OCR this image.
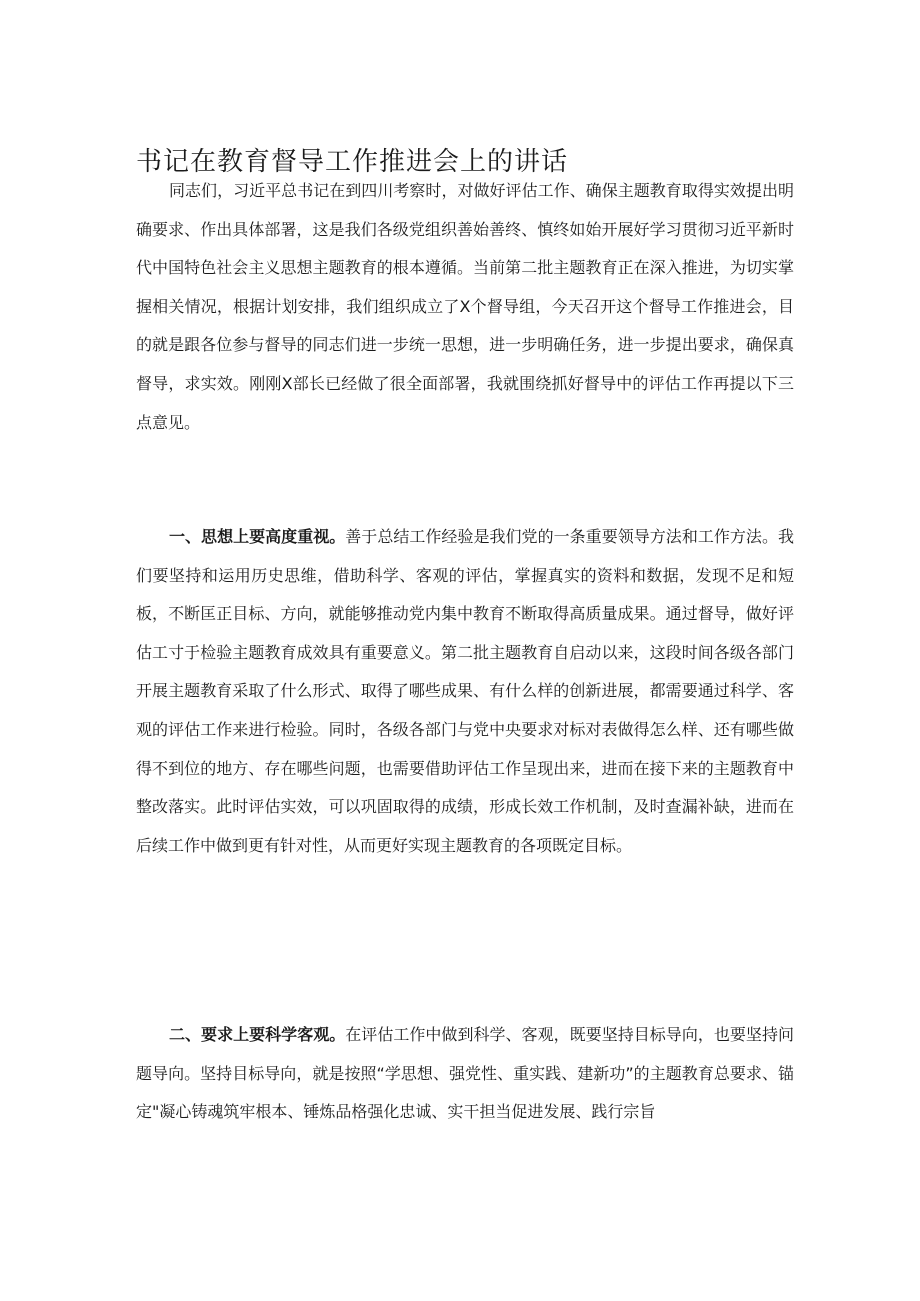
书记在教育督导工作推进会上的讲话

同志们，习近平总书记在到四川考察时，对做好评估工作、确保主题教育取得实效提出明确要求、作出具体部署，这是我们各级党组织善始善终、慎终如始开展好学习贯彻习近平新时代中国特色社会主义思想主题教育的根本遵循。当前第二批主题教育正在深入推进，为切实掌握相关情况，根据计划安排，我们组织成立了X个督导组，今天召开这个督导工作推进会，目的就是跟各位参与督导的同志们进一步统一思想，进一步明确任务，进一步提出要求，确保真督导，求实效。刚刚X部长已经做了很全面部署，我就围绕抓好督导中的评估工作再提以下三点意见。

一、思想上要高度重视。善于总结工作经验是我们党的一条重要领导方法和工作方法。我们要坚持和运用历史思维，借助科学、客观的评估，掌握真实的资料和数据，发现不足和短板，不断匡正目标、方向，就能够推动党内集中教育不断取得高质量成果。通过督导，做好评估工寸于检验主题教育成效具有重要意义。第二批主题教育自启动以来，这段时间各级各部门开展主题教育采取了什么形式、取得了哪些成果、有什么样的创新进展，都需要通过科学、客观的评估工作来进行检验。同时，各级各部门与党中央要求对标对表做得怎么样、还有哪些做得不到位的地方、存在哪些问题，也需要借助评估工作呈现出来，进而在接下来的主题教育中整改落实。此时评估实效，可以巩固取得的成绩，形成长效工作机制，及时查漏补缺，进而在后续工作中做到更有针对性，从而更好实现主题教育的各项既定目标。

二、要求上要科学客观。在评估工作中做到科学、客观，既要坚持目标导向，也要坚持问题导向。坚持目标导向，就是按照“学思想、强党性、重实践、建新功”的主题教育总要求、锚定"凝心铸魂筑牢根本、锤炼品格强化忠诚、实干担当促进发展、践行宗旨
